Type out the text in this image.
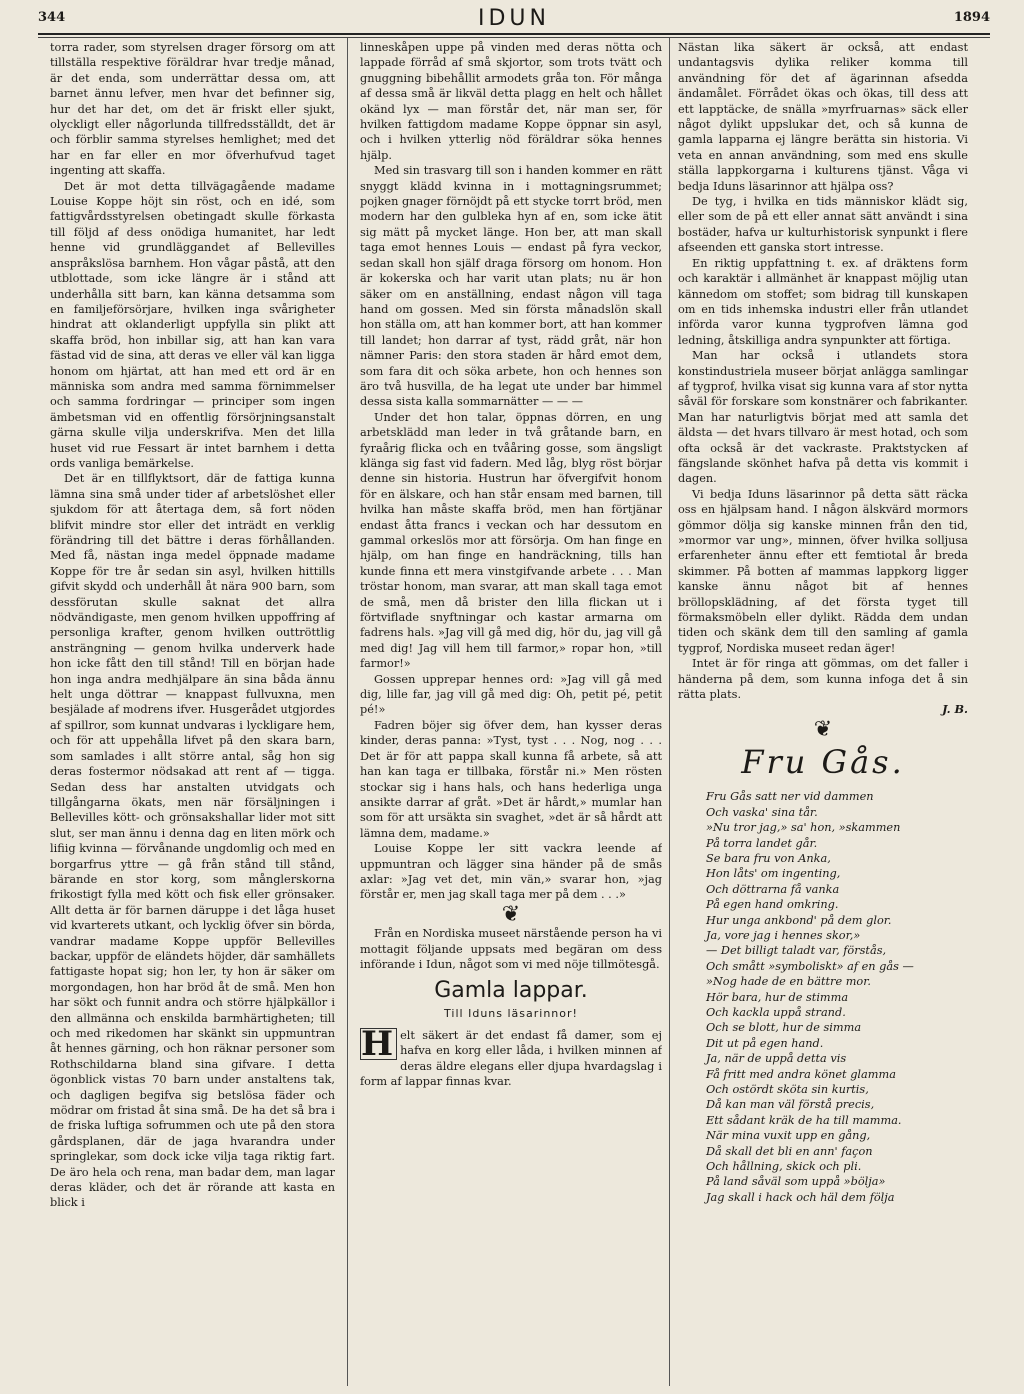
344	IDUN	1894

torra rader, som styrelsen drager försorg om att tillställa respektive föräldrar hvar tredje månad, är det enda, som underrättar dessa om, att barnet ännu lefver, men hvar det befinner sig, hur det har det, om det är friskt eller sjukt, olyckligt eller någorlunda tillfredsställdt, det är och förblir samma styrelses hemlighet; med det har en far eller en mor öfverhufvud taget ingenting att skaffa.

Det är mot detta tillvägagående madame Louise Koppe höjt sin röst, och en idé, som fattigvårdsstyrelsen obetingadt skulle förkasta till följd af dess onödiga humanitet, har ledt henne vid grundläggandet af Bellevilles anspråkslösa barnhem. Hon vågar påstå, att den utblottade, som icke längre är i stånd att underhålla sitt barn, kan känna detsamma som en familjeförsörjare, hvilken inga svårigheter hindrat att oklanderligt uppfylla sin plikt att skaffa bröd, hon inbillar sig, att han kan vara fästad vid de sina, att deras ve eller väl kan ligga honom om hjärtat, att han med ett ord är en människa som andra med samma förnimmelser och samma fordringar — principer som ingen ämbetsman vid en offentlig försörjningsanstalt gärna skulle vilja underskrifva. Men det lilla huset vid rue Fessart är intet barnhem i detta ords vanliga bemärkelse.

Det är en tillflyktsort, där de fattiga kunna lämna sina små under tider af arbetslöshet eller sjukdom för att återtaga dem, så fort nöden blifvit mindre stor eller det inträdt en verklig förändring till det bättre i deras förhållanden. Med få, nästan inga medel öppnade madame Koppe för tre år sedan sin asyl, hvilken hittills gifvit skydd och underhåll åt nära 900 barn, som dessförutan skulle saknat det allra nödvändigaste, men genom hvilken uppoffring af personliga krafter, genom hvilken outtröttlig ansträngning — genom hvilka underverk hade hon icke fått den till stånd! Till en början hade hon inga andra medhjälpare än sina båda ännu helt unga döttrar — knappast fullvuxna, men besjälade af modrens ifver. Husgerådet utgjordes af spillror, som kunnat undvaras i lyckligare hem, och för att uppehålla lifvet på den skara barn, som samlades i allt större antal, såg hon sig deras fostermor nödsakad att rent af — tigga. Sedan dess har anstalten utvidgats och tillgångarna ökats, men när försäljningen i Bellevilles kött- och grönsakshallar lider mot sitt slut, ser man ännu i denna dag en liten mörk och lifiig kvinna — förvånande ungdomlig och med en borgarfrus yttre — gå från stånd till stånd, bärande en stor korg, som månglerskorna frikostigt fylla med kött och fisk eller grönsaker. Allt detta är för barnen däruppe i det låga huset vid kvarterets utkant, och lycklig öfver sin börda, vandrar madame Koppe uppför Bellevilles backar, uppför de eländets höjder, där samhällets fattigaste hopat sig; hon ler, ty hon är säker om morgondagen, hon har bröd åt de små. Men hon har sökt och funnit andra och större hjälpkällor i den allmänna och enskilda barmhärtigheten; till och med rikedomen har skänkt sin uppmuntran åt hennes gärning, och hon räknar personer som Rothschildarna bland sina gifvare. I detta ögonblick vistas 70 barn under anstaltens tak, och dagligen begifva sig betslösa fäder och mödrar om fristad åt sina små. De ha det så bra i de friska luftiga sofrummen och ute på den stora gårdsplanen, där de jaga hvarandra under springlekar, som dock icke vilja taga riktig fart. De äro hela och rena, man badar dem, man lagar deras kläder, och det är rörande att kasta en blick i

linneskåpen uppe på vinden med deras nötta och lappade förråd af små skjortor, som trots tvätt och gnuggning bibehållit armodets gråa ton. För många af dessa små är likväl detta plagg en helt och hållet okänd lyx — man förstår det, när man ser, för hvilken fattigdom madame Koppe öppnar sin asyl, och i hvilken ytterlig nöd föräldrar söka hennes hjälp.

Med sin trasvarg till son i handen kommer en rätt snyggt klädd kvinna in i mottagningsrummet; pojken gnager förnöjdt på ett stycke torrt bröd, men modern har den gulbleka hyn af en, som icke ätit sig mätt på mycket länge. Hon ber, att man skall taga emot hennes Louis — endast på fyra veckor, sedan skall hon själf draga försorg om honom. Hon är kokerska och har varit utan plats; nu är hon säker om en anställning, endast någon vill taga hand om gossen. Med sin första månadslön skall hon ställa om, att han kommer bort, att han kommer till landet; hon darrar af tyst, rädd gråt, när hon nämner Paris: den stora staden är hård emot dem, som fara dit och söka arbete, hon och hennes son äro två husvilla, de ha legat ute under bar himmel dessa sista kalla sommarnätter — — —

Under det hon talar, öppnas dörren, en ung arbetsklädd man leder in två gråtande barn, en fyraårig flicka och en tvååring gosse, som ängsligt klänga sig fast vid fadern. Med låg, blyg röst börjar denne sin historia. Hustrun har öfvergifvit honom för en älskare, och han står ensam med barnen, till hvilka han måste skaffa bröd, men han förtjänar endast åtta francs i veckan och har dessutom en gammal orkeslös mor att försörja. Om han finge en hjälp, om han finge en handräckning, tills han kunde finna ett mera vinstgifvande arbete . . . Man tröstar honom, man svarar, att man skall taga emot de små, men då brister den lilla flickan ut i förtviflade snyftningar och kastar armarna om fadrens hals. »Jag vill gå med dig, hör du, jag vill gå med dig! Jag vill hem till farmor,» ropar hon, »till farmor!»

Gossen upprepar hennes ord: »Jag vill gå med dig, lille far, jag vill gå med dig: Oh, petit pé, petit pé!»

Fadren böjer sig öfver dem, han kysser deras kinder, deras panna: »Tyst, tyst . . . Nog, nog . . . Det är för att pappa skall kunna få arbete, så att han kan taga er tillbaka, förstår ni.» Men rösten stockar sig i hans hals, och hans hederliga unga ansikte darrar af gråt. »Det är hårdt,» mumlar han som för att ursäkta sin svaghet, »det är så hårdt att lämna dem, madame.»

Louise Koppe ler sitt vackra leende af uppmuntran och lägger sina händer på de smås axlar: »Jag vet det, min vän,» svarar hon, »jag förstår er, men jag skall taga mer på dem . . .»

❦

Från en Nordiska museet närstående person ha vi mottagit följande uppsats med begäran om dess införande i Idun, något som vi med nöje tillmötesgå.

Gamla lappar.
Till Iduns läsarinnor!

H elt säkert är det endast få damer, som ej hafva en korg eller låda, i hvilken minnen af deras äldre elegans eller djupa hvardagslag i form af lappar finnas kvar.

Nästan lika säkert är också, att endast undantagsvis dylika reliker komma till användning för det af ägarinnan afsedda ändamålet. Förrådet ökas och ökas, till dess att ett lapptäcke, de snälla »myrfruarnas» säck eller något dylikt uppslukar det, och så kunna de gamla lapparna ej längre berätta sin historia. Vi veta en annan användning, som med ens skulle ställa lappkorgarna i kulturens tjänst. Våga vi bedja Iduns läsarinnor att hjälpa oss?

De tyg, i hvilka en tids människor klädt sig, eller som de på ett eller annat sätt användt i sina bostäder, hafva ur kulturhistorisk synpunkt i flere afseenden ett ganska stort intresse.

En riktig uppfattning t. ex. af dräktens form och karaktär i allmänhet är knappast möjlig utan kännedom om stoffet; som bidrag till kunskapen om en tids inhemska industri eller från utlandet införda varor kunna tygprofven lämna god ledning, åtskilliga andra synpunkter att förtiga.

Man har också i utlandets stora konstindustriela museer börjat anlägga samlingar af tygprof, hvilka visat sig kunna vara af stor nytta såväl för forskare som konstnärer och fabrikanter. Man har naturligtvis börjat med att samla det äldsta — det hvars tillvaro är mest hotad, och som ofta också är det vackraste. Praktstycken af fängslande skönhet hafva på detta vis kommit i dagen.

Vi bedja Iduns läsarinnor på detta sätt räcka oss en hjälpsam hand. I någon älskvärd mormors gömmor dölja sig kanske minnen från den tid, »mormor var ung», minnen, öfver hvilka solljusa erfarenheter ännu efter ett femtiotal år breda skimmer. På botten af mammas lappkorg ligger kanske ännu något bit af hennes bröllopsklädning, af det första tyget till förmaksmöbeln eller dylikt. Rädda dem undan tiden och skänk dem till den samling af gamla tygprof, Nordiska museet redan äger!

Intet är för ringa att gömmas, om det faller i händerna på dem, som kunna infoga det å sin rätta plats.

J. B.
❦
Fru Gås.
Fru Gås satt ner vid dammen
Och vaska' sina tår.
»Nu tror jag,» sa' hon, »skammen
På torra landet går.
Se bara fru von Anka,
Hon låts' om ingenting,
Och döttrarna få vanka
På egen hand omkring.
Hur unga ankbond' på dem glor.
Ja, vore jag i hennes skor,»
— Det billigt taladt var, förstås,
Och smått »symboliskt» af en gås —
»Nog hade de en bättre mor.
Hör bara, hur de stimma
Och kackla uppå strand.
Och se blott, hur de simma
Dit ut på egen hand.
Ja, när de uppå detta vis
Få fritt med andra könet glamma
Och ostördt sköta sin kurtis,
Då kan man väl förstå precis,
Ett sådant kräk de ha till mamma.
När mina vuxit upp en gång,
Då skall det bli en ann' façon
Och hållning, skick och pli.
På land såväl som uppå »bölja»
Jag skall i hack och häl dem följa
